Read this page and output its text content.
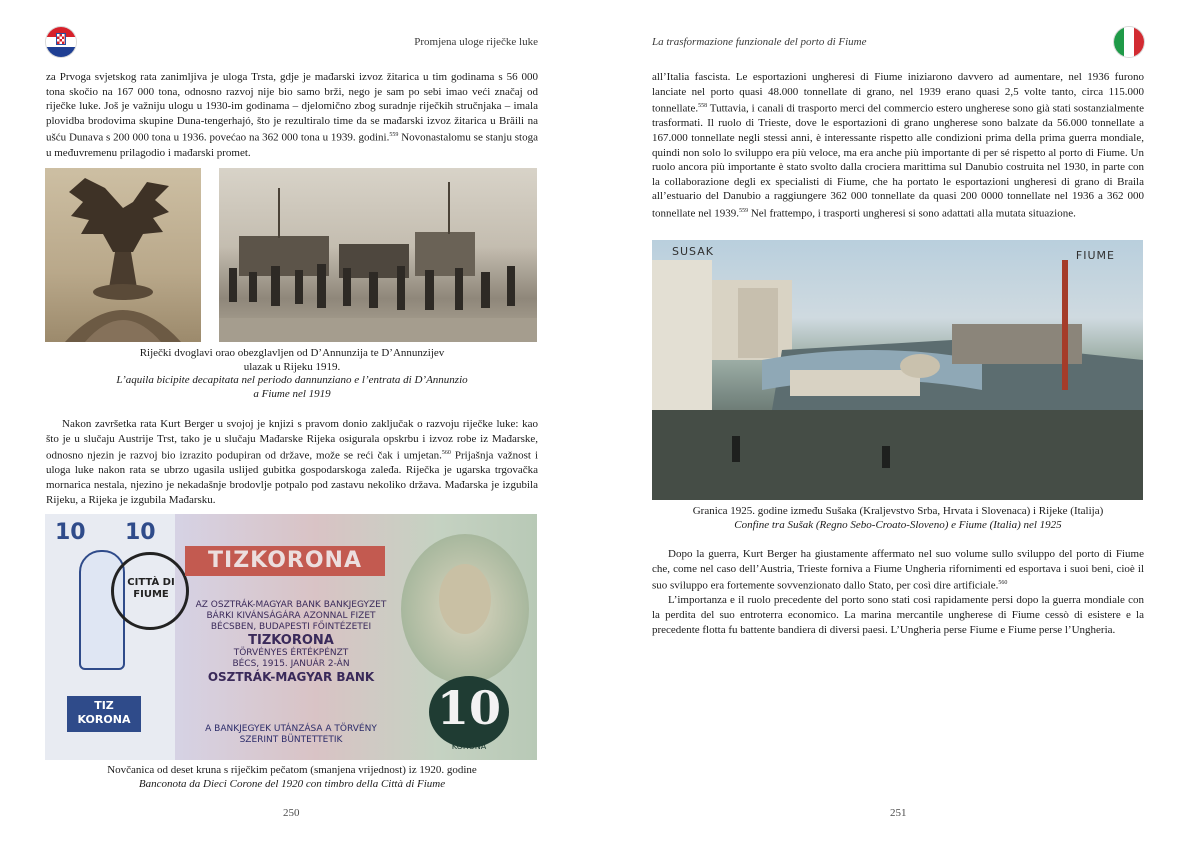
Promjena uloge riječke luke

za Prvoga svjetskog rata zanimljiva je uloga Trsta, gdje je mađarski izvoz žitarica u tim godinama s 56 000 tona skočio na 167 000 tona, odnosno razvoj nije bio samo brži, nego je sam po sebi imao veći značaj od riječke luke. Još je važniju ulogu u 1930-im godinama – djelomično zbog suradnje riječkih stručnjaka – imala plovidba brodovima skupine Duna-tengerhajó, što je rezultiralo time da se mađarski izvoz žitarica u Brăili na ušću Dunava s 200 000 tona u 1936. povećao na 362 000 tona u 1939. godini.$^{559}$ Novonastalomu se stanju stoga u međuvremenu prilagodio i mađarski promet.

Riječki dvoglavi orao obezglavljen od D’Annunzija te D’Annunzijev
ulazak u Rijeku 1919.
L’aquila bicipite decapitata nel periodo dannunziano e l’entrata di D’Annunzio
a Fiume nel 1919

Nakon završetka rata Kurt Berger u svojoj je knjizi s pravom donio zaključak o razvoju riječke luke: kao što je u slučaju Austrije Trst, tako je u slučaju Mađarske Rijeka osigurala opskrbu i izvoz robe iz Mađarske, odnosno njezin je razvoj bio izrazito podupiran od države, može se reći čak i umjetan.$^{560}$ Prijašnja važnost i uloga luke nakon rata se ubrzo ugasila uslijed gubitka gospodarskoga zaleđa. Riječka je ugarska trgovačka mornarica nestala, njezino je nekadašnje brodovlje potpalo pod zastavu nekoliko država. Mađarska je izgubila Rijeku, a Rijeka je izgubila Mađarsku.

10 10
CITTÀ DI FIUME
TIZKORONA
AZ OSZTRÁK-MAGYAR BANK BANKJEGYZET
BÁRKI KIVÁNSÁGÁRA AZONNAL FIZET
BÉCSBEN, BUDAPESTI FŐINTÉZETEI
TIZKORONA
TÖRVÉNYES ÉRTÉKPÉNZT
BÉCS, 1915. JANUÁR 2-ÁN
OSZTRÁK-MAGYAR BANK
A BANKJEGYEK UTÁNZÁSA A TÖRVÉNY
SZERINT BÜNTETTETIK
TIZ
KORONA	10
KORONA
Novčanica od deset kruna s riječkim pečatom (smanjena vrijednost) iz 1920. godine
Banconota da Dieci Corone del 1920 con timbro della Città di Fiume
250
La trasformazione funzionale del porto di Fiume

all’Italia fascista. Le esportazioni ungheresi di Fiume iniziarono davvero ad aumentare, nel 1936 furono lanciate nel porto quasi 48.000 tonnellate di grano, nel 1939 erano quasi 2,5 volte tanto, circa 115.000 tonnellate.$^{558}$ Tuttavia, i canali di trasporto merci del commercio estero ungherese sono già stati sostanzialmente trasformati. Il ruolo di Trieste, dove le esportazioni di grano ungherese sono balzate da 56.000 tonnellate a 167.000 tonnellate negli stessi anni, è interessante rispetto alle condizioni prima della prima guerra mondiale, quindi non solo lo sviluppo era più veloce, ma era anche più importante di per sé rispetto al porto di Fiume. Un ruolo ancora più importante è stato svolto dalla crociera marittima sul Danubio costruita nel 1930, in parte con la collaborazione degli ex specialisti di Fiume, che ha portato le esportazioni ungheresi di grano di Braila all’estuario del Danubio a raggiungere 362 000 tonnellate da quasi 200 0000 tonnellate nel 1936 a 362 000 tonnellate nel 1939.$^{559}$ Nel frattempo, i trasporti ungheresi si sono adattati alla mutata situazione.

SUSAK	FIUME
Granica 1925. godine između Sušaka (Kraljevstvo Srba, Hrvata i Slovenaca) i Rijeke (Italija)
Confine tra Sušak (Regno Sebo-Croato-Sloveno) e Fiume (Italia) nel 1925

Dopo la guerra, Kurt Berger ha giustamente affermato nel suo volume sullo sviluppo del porto di Fiume che, come nel caso dell’Austria, Trieste forniva a Fiume Ungheria rifornimenti ed esportava i suoi beni, cioè il suo sviluppo era fortemente sovvenzionato dallo Stato, per così dire artificiale.$^{560}$

L’importanza e il ruolo precedente del porto sono stati così rapidamente persi dopo la guerra mondiale con la perdita del suo entroterra economico. La marina mercantile ungherese di Fiume cessò di esistere e la precedente flotta fu battente bandiera di diversi paesi. L’Ungheria perse Fiume e Fiume perse l’Ungheria.

251
